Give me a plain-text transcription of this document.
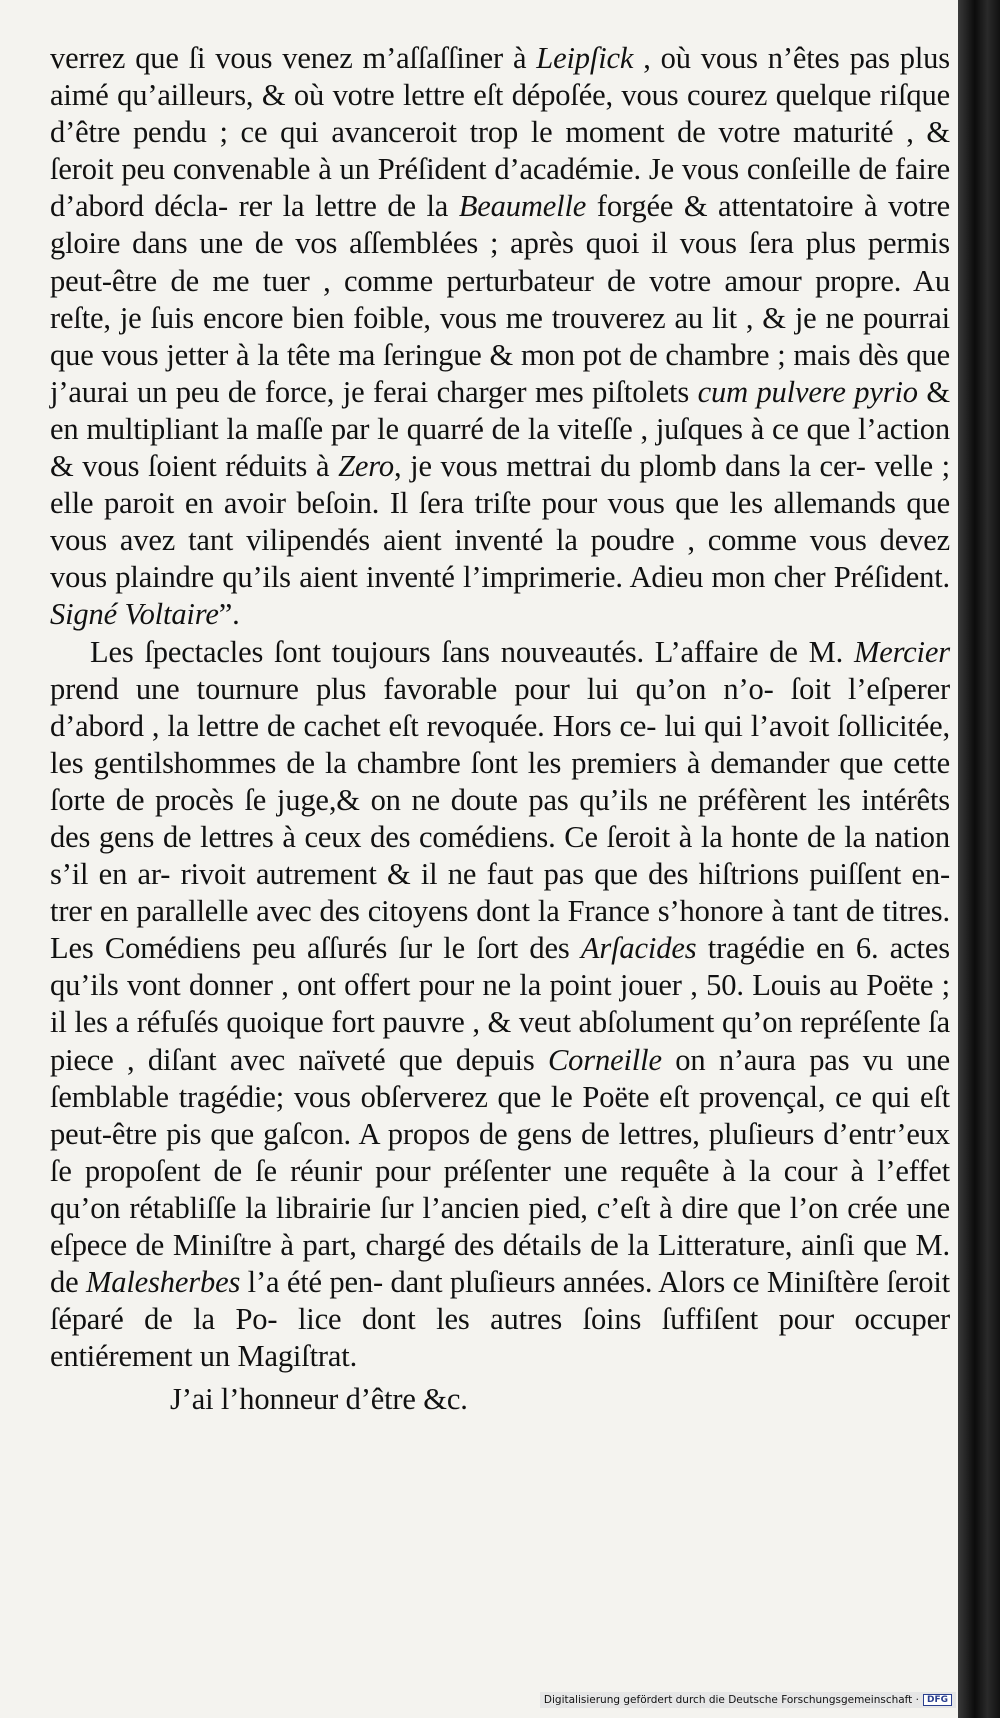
verrez que ſi vous venez m’aſſaſſiner à Leipſick , où vous n’êtes pas plus aimé qu’ailleurs, & où votre lettre eſt dépoſée, vous courez quelque riſque d’être pendu ; ce qui avanceroit trop le moment de votre maturité , & ſeroit peu convenable à un Préſident d’académie. Je vous conſeille de faire d’abord décla- rer la lettre de la Beaumelle forgée & attentatoire à votre gloire dans une de vos aſſemblées ; après quoi il vous ſera plus permis peut-être de me tuer , comme perturbateur de votre amour propre. Au reſte, je ſuis encore bien foible, vous me trouverez au lit , & je ne pourrai que vous jetter à la tête ma ſeringue & mon pot de chambre ; mais dès que j’aurai un peu de force, je ferai charger mes piſtolets cum pulvere pyrio & en multipliant la maſſe par le quarré de la viteſſe , juſques à ce que l’action & vous ſoient réduits à Zero, je vous mettrai du plomb dans la cer- velle ; elle paroit en avoir beſoin. Il ſera triſte pour vous que les allemands que vous avez tant vilipendés aient inventé la poudre , comme vous devez vous plaindre qu’ils aient inventé l’imprimerie. Adieu mon cher Préſident. Signé Voltaire”.

Les ſpectacles ſont toujours ſans nouveautés. L’affaire de M. Mercier prend une tournure plus favorable pour lui qu’on n’o- ſoit l’eſperer d’abord , la lettre de cachet eſt revoquée. Hors ce- lui qui l’avoit ſollicitée, les gentilshommes de la chambre ſont les premiers à demander que cette ſorte de procès ſe juge,& on ne doute pas qu’ils ne préfèrent les intérêts des gens de lettres à ceux des comédiens. Ce ſeroit à la honte de la nation s’il en ar- rivoit autrement & il ne faut pas que des hiſtrions puiſſent en- trer en parallelle avec des citoyens dont la France s’honore à tant de titres. Les Comédiens peu aſſurés ſur le ſort des Arſacides tragédie en 6. actes qu’ils vont donner , ont offert pour ne la point jouer , 50. Louis au Poëte ; il les a réfuſés quoique fort pauvre , & veut abſolument qu’on repréſente ſa piece , diſant avec naïveté que depuis Corneille on n’aura pas vu une ſemblable tragédie; vous obſerverez que le Poëte eſt provençal, ce qui eſt peut-être pis que gaſcon. A propos de gens de lettres, pluſieurs d’entr’eux ſe propoſent de ſe réunir pour préſenter une requête à la cour à l’effet qu’on rétabliſſe la librairie ſur l’ancien pied, c’eſt à dire que l’on crée une eſpece de Miniſtre à part, chargé des détails de la Litterature, ainſi que M. de Malesherbes l’a été pen- dant pluſieurs années. Alors ce Miniſtère ſeroit ſéparé de la Po- lice dont les autres ſoins ſuffiſent pour occuper entiérement un Magiſtrat.

J’ai l’honneur d’être &c.

Digitalisierung gefördert durch die Deutsche Forschungsgemeinschaft · DFG
